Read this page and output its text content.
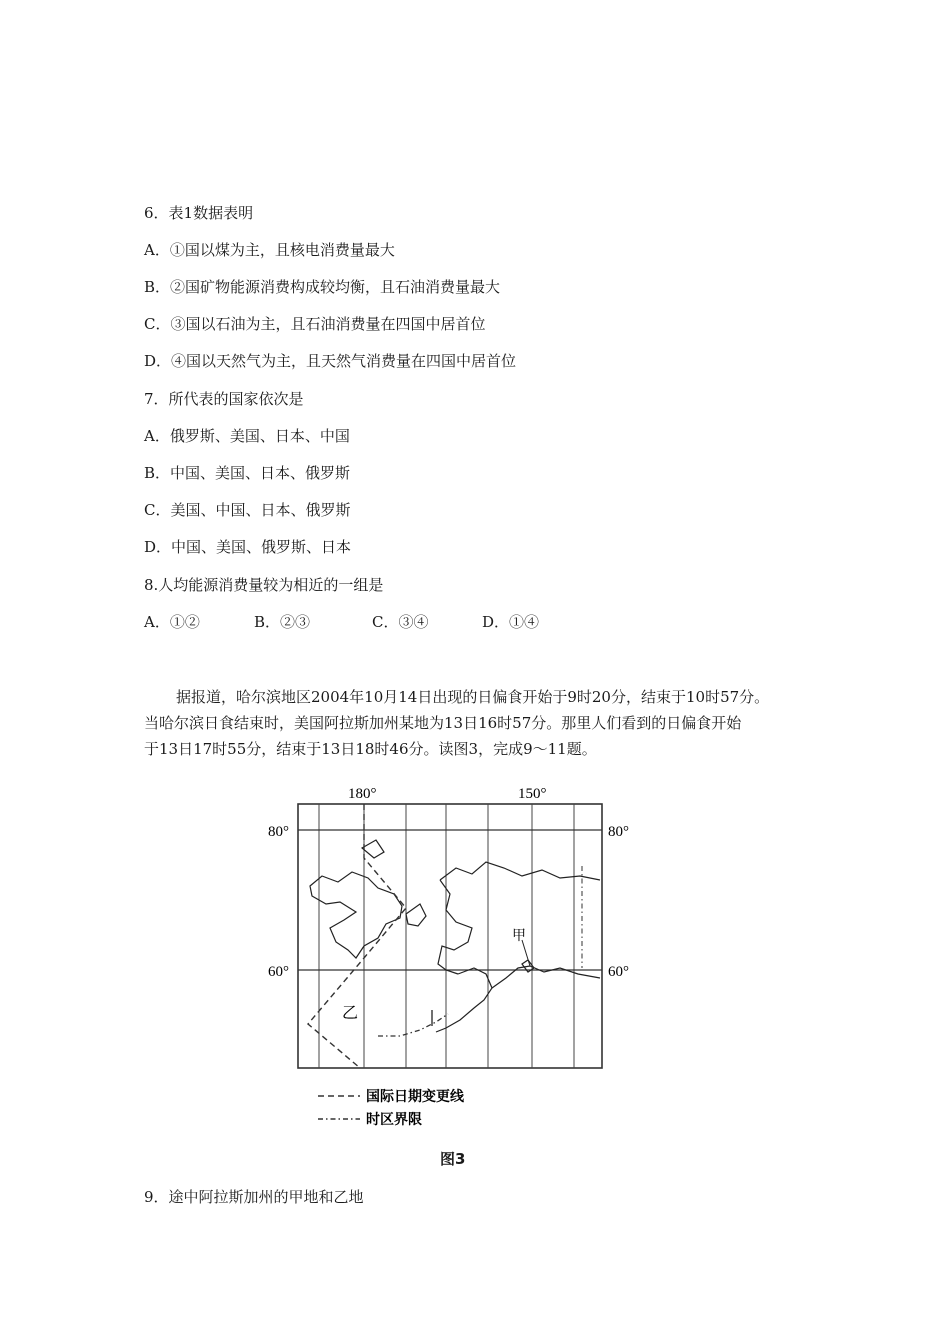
6．表1数据表明
A．①国以煤为主，且核电消费量最大
B．②国矿物能源消费构成较均衡，且石油消费量最大
C．③国以石油为主，且石油消费量在四国中居首位
D．④国以天然气为主，且天然气消费量在四国中居首位
7．所代表的国家依次是
A．俄罗斯、美国、日本、中国
B．中国、美国、日本、俄罗斯
C．美国、中国、日本、俄罗斯
D．中国、美国、俄罗斯、日本
8.人均能源消费量较为相近的一组是
A．①②	B．②③	C．③④	D．①④
据报道，哈尔滨地区2004年10月14日出现的日偏食开始于9时20分，结束于10时57分。
当哈尔滨日食结束时，美国阿拉斯加州某地为13日16时57分。那里人们看到的日偏食开始
于13日17时55分，结束于13日18时46分。读图3，完成9～11题。
180°	150°
80°	80°
60°	60°
甲
乙
国际日期变更线
时区界限
图3
9．途中阿拉斯加州的甲地和乙地
